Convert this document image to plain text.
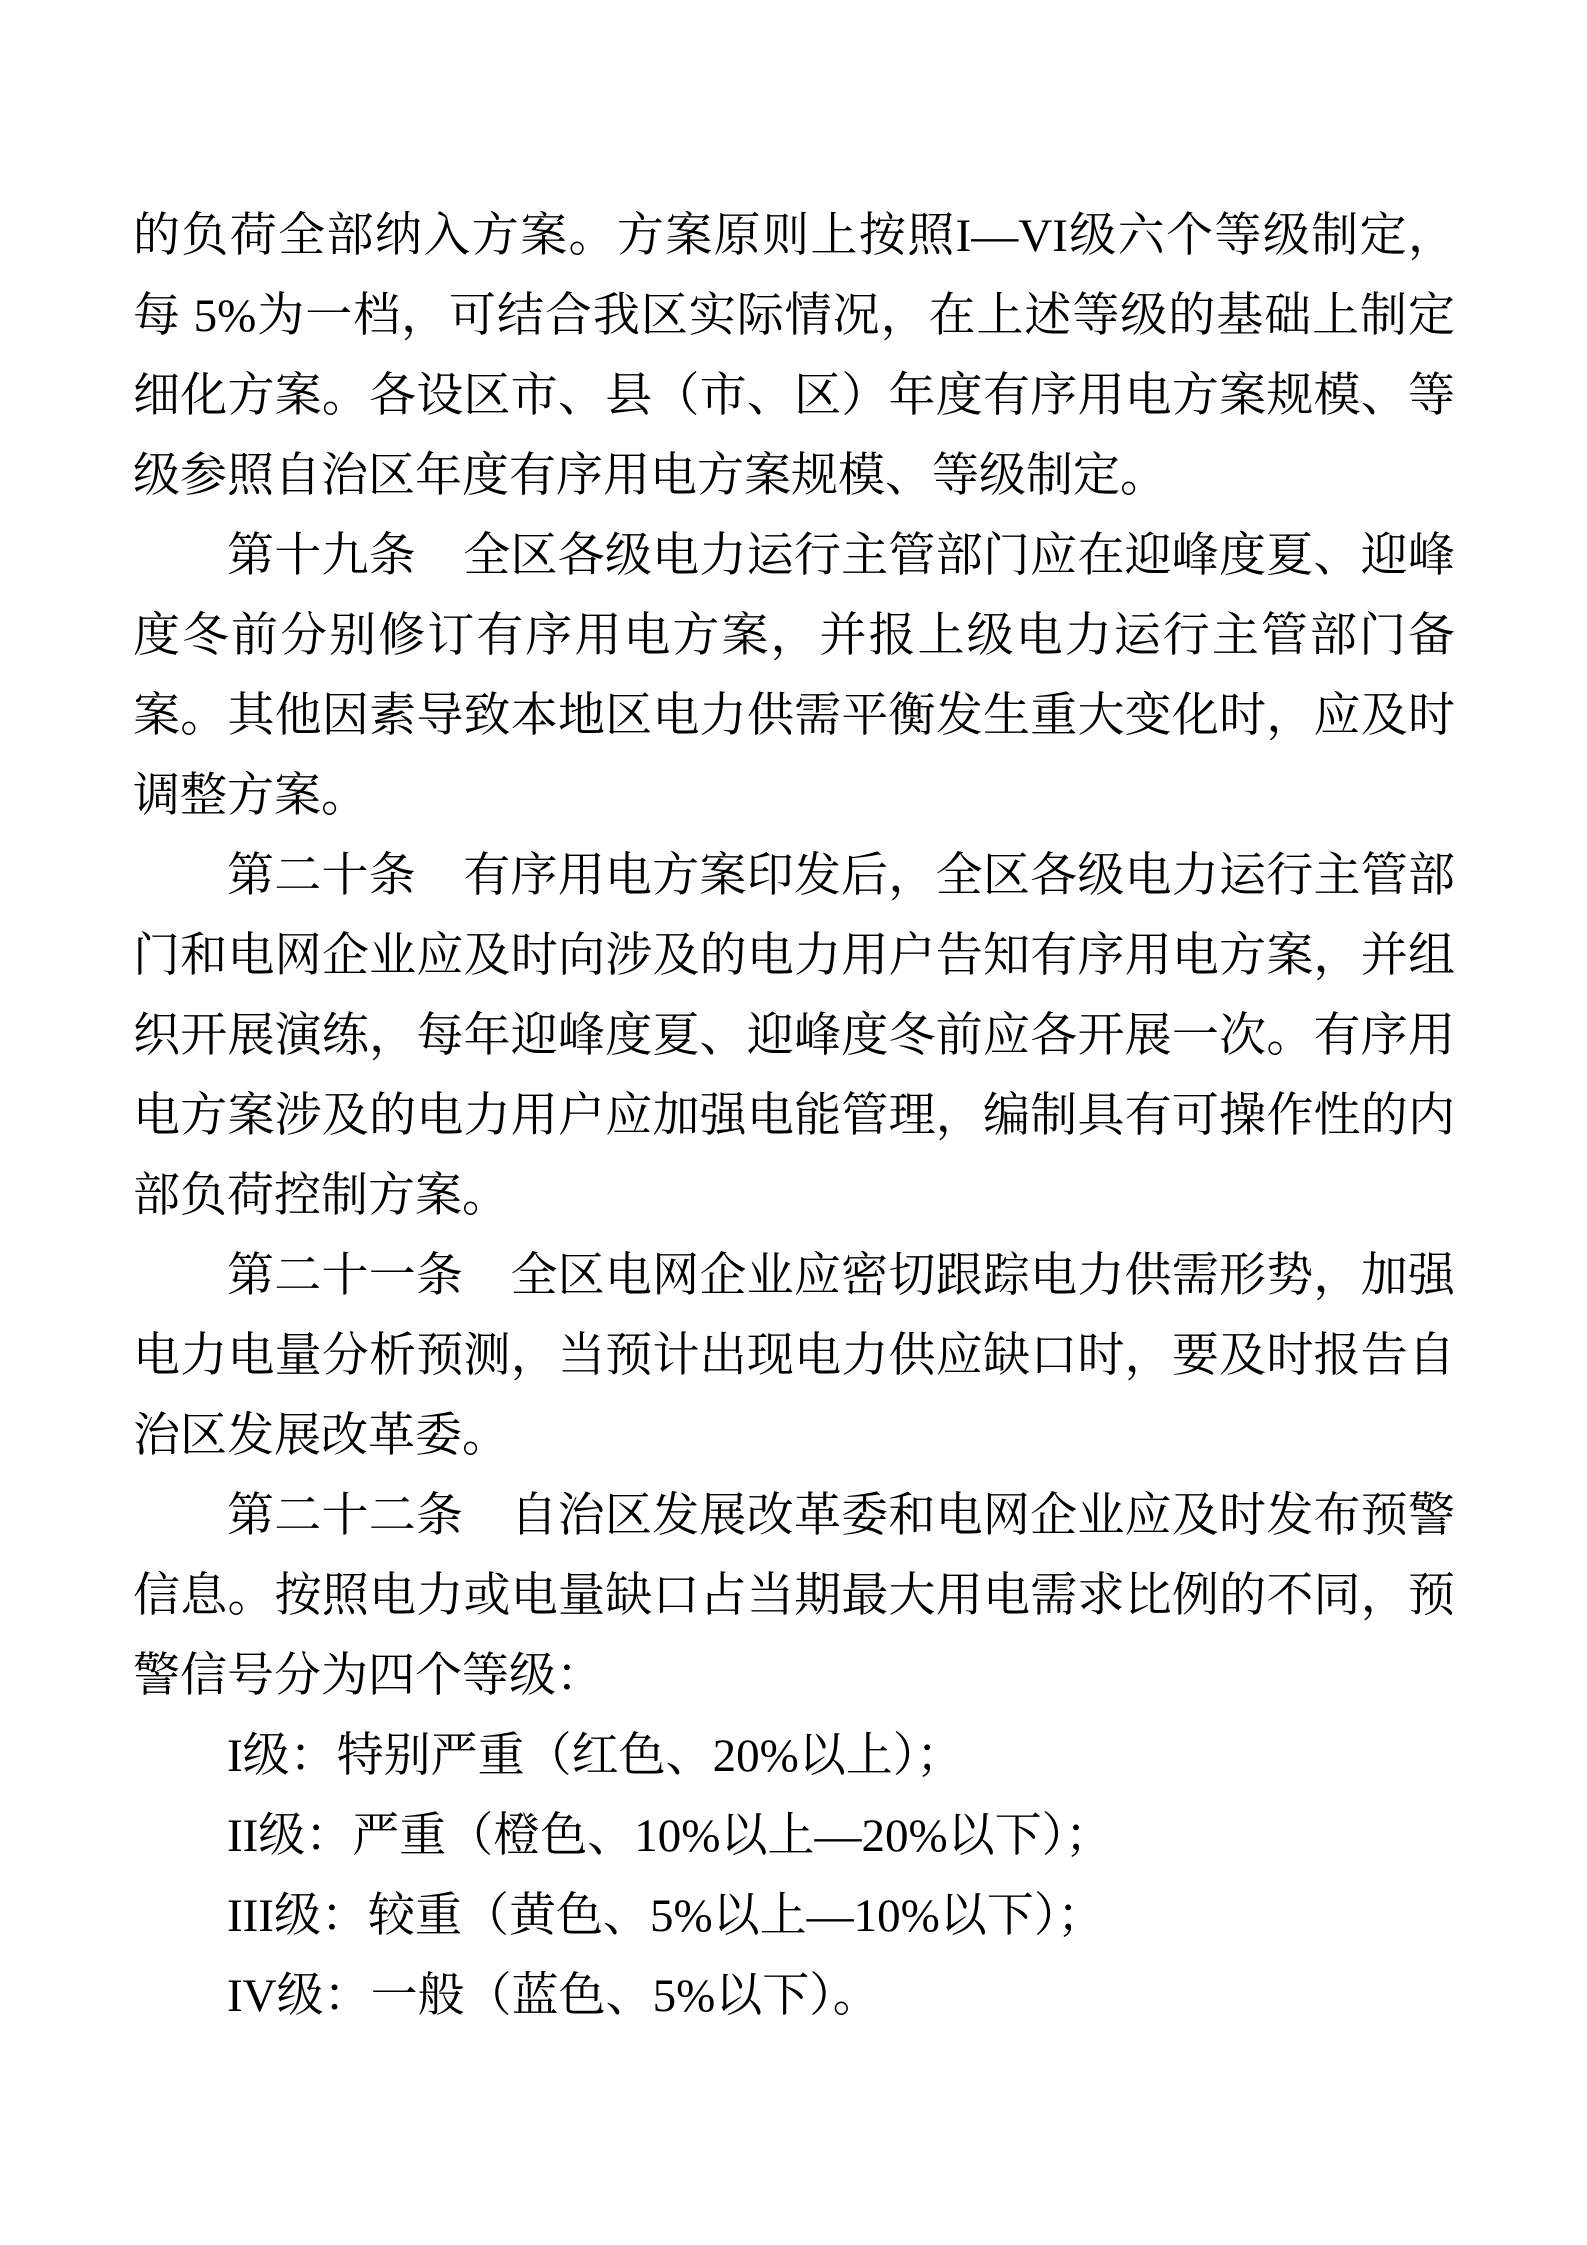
的负荷全部纳入方案。方案原则上按照I—VI级六个等级制定，每 5%为一档，可结合我区实际情况，在上述等级的基础上制定细化方案。各设区市、县（市、区）年度有序用电方案规模、等级参照自治区年度有序用电方案规模、等级制定。

第十九条　全区各级电力运行主管部门应在迎峰度夏、迎峰度冬前分别修订有序用电方案，并报上级电力运行主管部门备案。其他因素导致本地区电力供需平衡发生重大变化时，应及时调整方案。

第二十条　有序用电方案印发后，全区各级电力运行主管部门和电网企业应及时向涉及的电力用户告知有序用电方案，并组织开展演练，每年迎峰度夏、迎峰度冬前应各开展一次。有序用电方案涉及的电力用户应加强电能管理，编制具有可操作性的内部负荷控制方案。

第二十一条　全区电网企业应密切跟踪电力供需形势，加强电力电量分析预测，当预计出现电力供应缺口时，要及时报告自治区发展改革委。

第二十二条　自治区发展改革委和电网企业应及时发布预警信息。按照电力或电量缺口占当期最大用电需求比例的不同，预警信号分为四个等级：

I级：特别严重（红色、20%以上）；

II级：严重（橙色、10%以上—20%以下）；

III级：较重（黄色、5%以上—10%以下）；

IV级：一般（蓝色、5%以下）。
